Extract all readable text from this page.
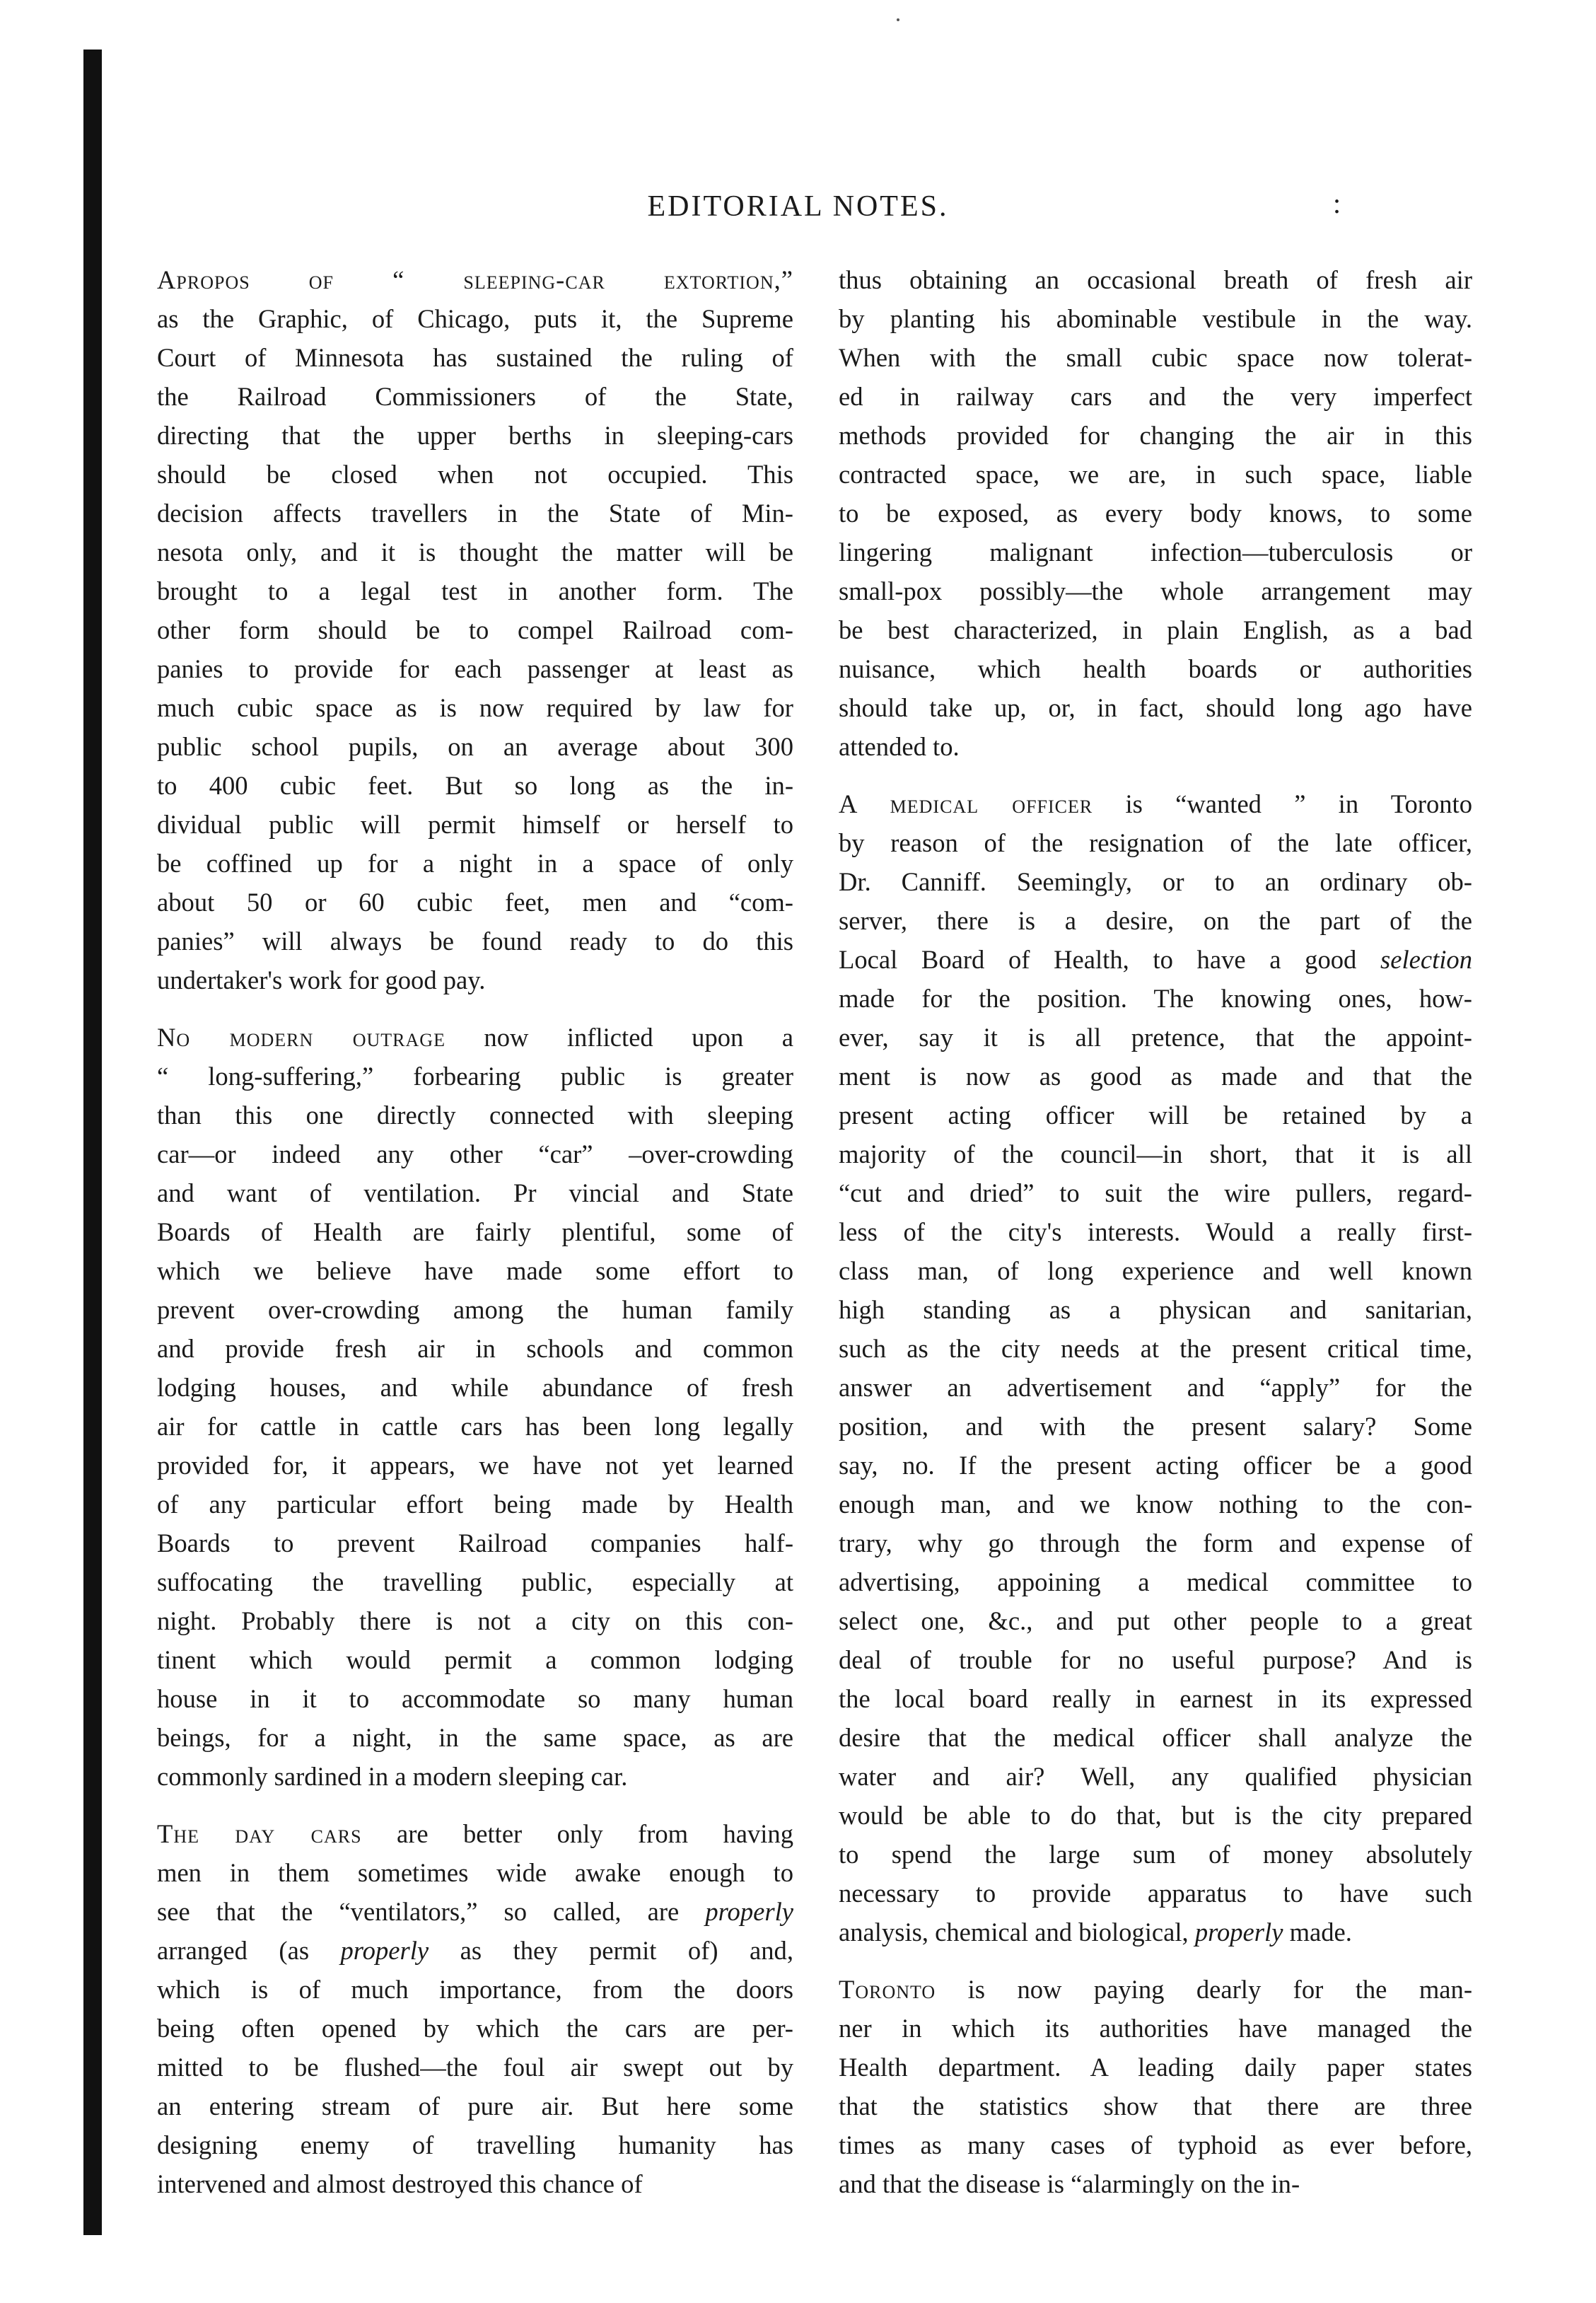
EDITORIAL NOTES.	:
Apropos of “ sleeping-car extortion,”
as the Graphic, of Chicago, puts it, the Supreme
Court of Minnesota has sustained the ruling of
the Railroad Commissioners of the State,
directing that the upper berths in sleeping-cars
should be closed when not occupied. This
decision affects travellers in the State of Min-
nesota only, and it is thought the matter will be
brought to a legal test in another form. The
other form should be to compel Railroad com-
panies to provide for each passenger at least as
much cubic space as is now required by law for
public school pupils, on an average about 300
to 400 cubic feet. But so long as the in-
dividual public will permit himself or herself to
be coffined up for a night in a space of only
about 50 or 60 cubic feet, men and “com-
panies” will always be found ready to do this
undertaker's work for good pay.
No modern outrage now inflicted upon a
“ long-suffering,” forbearing public is greater
than this one directly connected with sleeping
car—or indeed any other “car” –over-crowding
and want of ventilation. Pr vincial and State
Boards of Health are fairly plentiful, some of
which we believe have made some effort to
prevent over-crowding among the human family
and provide fresh air in schools and common
lodging houses, and while abundance of fresh
air for cattle in cattle cars has been long legally
provided for, it appears, we have not yet learned
of any particular effort being made by Health
Boards to prevent Railroad companies half-
suffocating the travelling public, especially at
night. Probably there is not a city on this con-
tinent which would permit a common lodging
house in it to accommodate so many human
beings, for a night, in the same space, as are
commonly sardined in a modern sleeping car.
The day cars are better only from having
men in them sometimes wide awake enough to
see that the “ventilators,” so called, are properly
arranged (as properly as they permit of) and,
which is of much importance, from the doors
being often opened by which the cars are per-
mitted to be flushed—the foul air swept out by
an entering stream of pure air. But here some
designing enemy of travelling humanity has
intervened and almost destroyed this chance of
thus obtaining an occasional breath of fresh air
by planting his abominable vestibule in the way.
When with the small cubic space now tolerat-
ed in railway cars and the very imperfect
methods provided for changing the air in this
contracted space, we are, in such space, liable
to be exposed, as every body knows, to some
lingering malignant infection—tuberculosis or
small-pox possibly—the whole arrangement may
be best characterized, in plain English, as a bad
nuisance, which health boards or authorities
should take up, or, in fact, should long ago have
attended to.
A medical officer is “wanted ” in Toronto
by reason of the resignation of the late officer,
Dr. Canniff. Seemingly, or to an ordinary ob-
server, there is a desire, on the part of the
Local Board of Health, to have a good selection
made for the position. The knowing ones, how-
ever, say it is all pretence, that the appoint-
ment is now as good as made and that the
present acting officer will be retained by a
majority of the council—in short, that it is all
“cut and dried” to suit the wire pullers, regard-
less of the city's interests. Would a really first-
class man, of long experience and well known
high standing as a physican and sanitarian,
such as the city needs at the present critical time,
answer an advertisement and “apply” for the
position, and with the present salary? Some
say, no. If the present acting officer be a good
enough man, and we know nothing to the con-
trary, why go through the form and expense of
advertising, appoining a medical committee to
select one, &c., and put other people to a great
deal of trouble for no useful purpose? And is
the local board really in earnest in its expressed
desire that the medical officer shall analyze the
water and air? Well, any qualified physician
would be able to do that, but is the city prepared
to spend the large sum of money absolutely
necessary to provide apparatus to have such
analysis, chemical and biological, properly made.
Toronto is now paying dearly for the man-
ner in which its authorities have managed the
Health department. A leading daily paper states
that the statistics show that there are three
times as many cases of typhoid as ever before,
and that the disease is “alarmingly on the in-
